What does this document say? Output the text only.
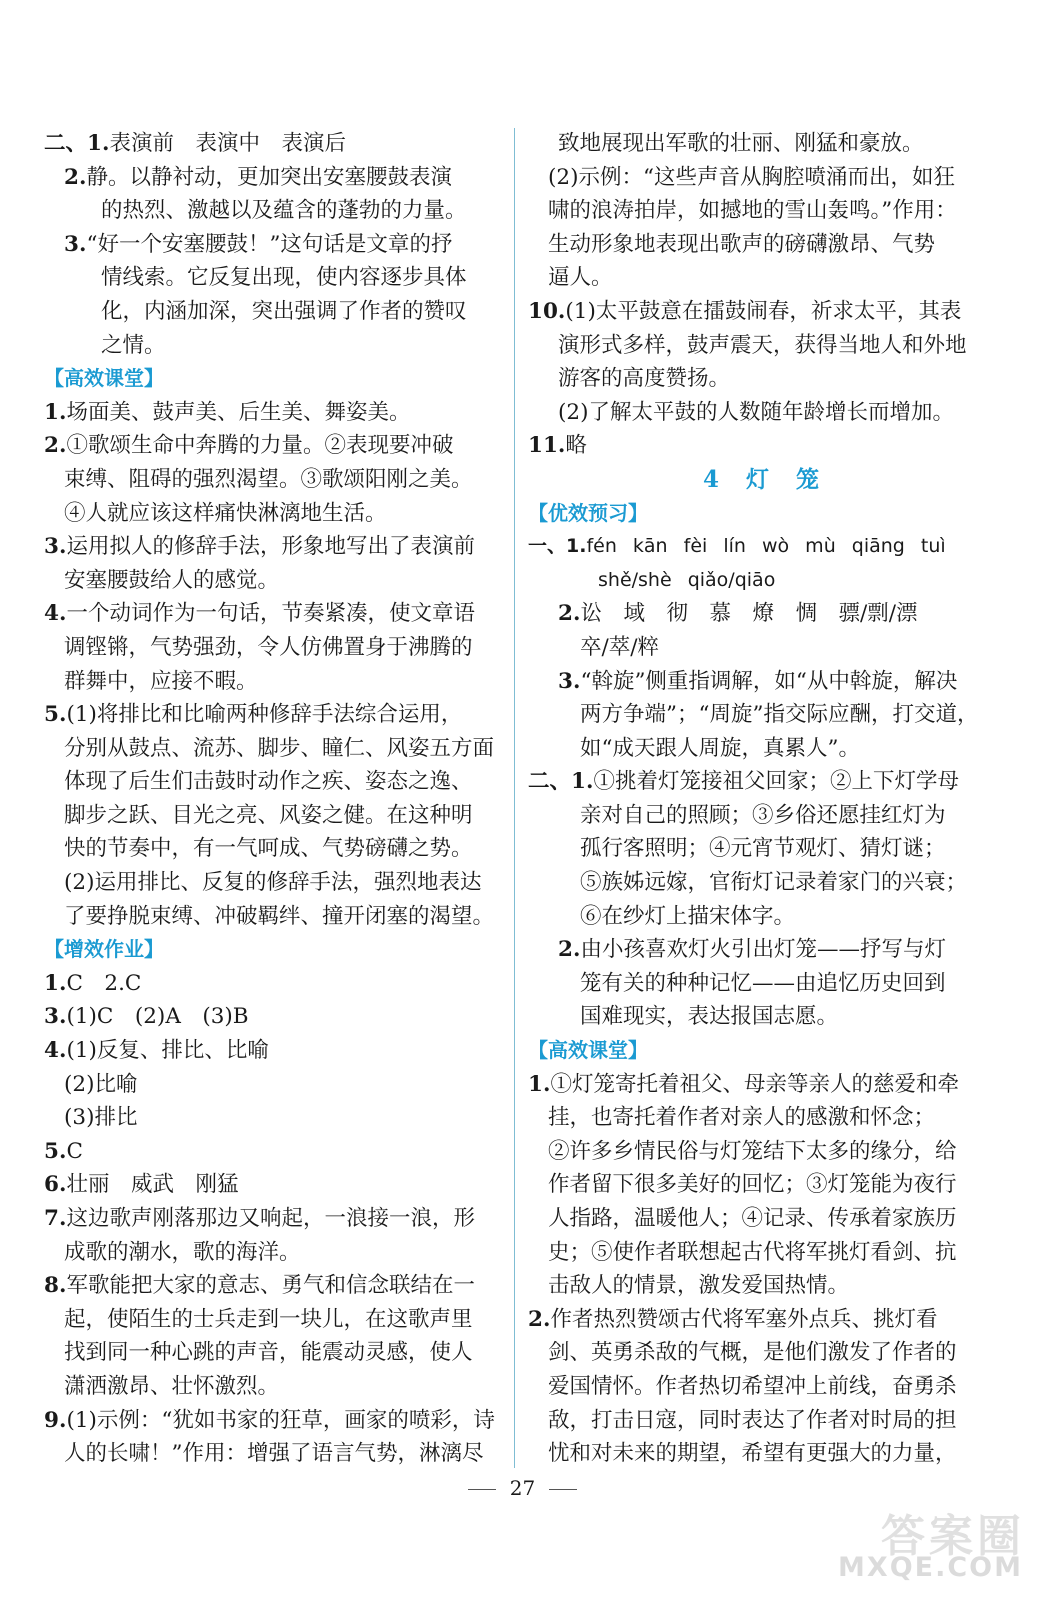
二、1.表演前　表演中　表演后
2.静。以静衬动，更加突出安塞腰鼓表演
的热烈、激越以及蕴含的蓬勃的力量。
3.“好一个安塞腰鼓！”这句话是文章的抒
情线索。它反复出现，使内容逐步具体
化，内涵加深，突出强调了作者的赞叹
之情。
【高效课堂】
1.场面美、鼓声美、后生美、舞姿美。
2.①歌颂生命中奔腾的力量。②表现要冲破
束缚、阻碍的强烈渴望。③歌颂阳刚之美。
④人就应该这样痛快淋漓地生活。
3.运用拟人的修辞手法，形象地写出了表演前
安塞腰鼓给人的感觉。
4.一个动词作为一句话，节奏紧凑，使文章语
调铿锵，气势强劲，令人仿佛置身于沸腾的
群舞中，应接不暇。
5.(1)将排比和比喻两种修辞手法综合运用，
分别从鼓点、流苏、脚步、瞳仁、风姿五方面
体现了后生们击鼓时动作之疾、姿态之逸、
脚步之跃、目光之亮、风姿之健。在这种明
快的节奏中，有一气呵成、气势磅礴之势。
(2)运用排比、反复的修辞手法，强烈地表达
了要挣脱束缚、冲破羁绊、撞开闭塞的渴望。
【增效作业】
1.C　2.C
3.(1)C　(2)A　(3)B
4.(1)反复、排比、比喻
(2)比喻
(3)排比
5.C
6.壮丽　威武　刚猛
7.这边歌声刚落那边又响起，一浪接一浪，形
成歌的潮水，歌的海洋。
8.军歌能把大家的意志、勇气和信念联结在一
起，使陌生的士兵走到一块儿，在这歌声里
找到同一种心跳的声音，能震动灵感，使人
潇洒激昂、壮怀激烈。
9.(1)示例：“犹如书家的狂草，画家的喷彩，诗
人的长啸！”作用：增强了语言气势，淋漓尽
致地展现出军歌的壮丽、刚猛和豪放。
(2)示例：“这些声音从胸腔喷涌而出，如狂
啸的浪涛拍岸，如撼地的雪山轰鸣。”作用：
生动形象地表现出歌声的磅礴激昂、气势
逼人。
10.(1)太平鼓意在擂鼓闹春，祈求太平，其表
演形式多样，鼓声震天，获得当地人和外地
游客的高度赞扬。
(2)了解太平鼓的人数随年龄增长而增加。
11.略
4　灯　笼
【优效预习】
一、1.fén kān fèi lín wò mù qiāng tuì
shě/shè qiǎo/qiāo
2.讼　域　彻　慕　燎　惆　骠/剽/漂
卒/萃/粹
3.“斡旋”侧重指调解，如“从中斡旋，解决
两方争端”；“周旋”指交际应酬，打交道，
如“成天跟人周旋，真累人”。
二、1.①挑着灯笼接祖父回家；②上下灯学母
亲对自己的照顾；③乡俗还愿挂红灯为
孤行客照明；④元宵节观灯、猜灯谜；
⑤族姊远嫁，官衔灯记录着家门的兴衰；
⑥在纱灯上描宋体字。
2.由小孩喜欢灯火引出灯笼——抒写与灯
笼有关的种种记忆——由追忆历史回到
国难现实，表达报国志愿。
【高效课堂】
1.①灯笼寄托着祖父、母亲等亲人的慈爱和牵
挂，也寄托着作者对亲人的感激和怀念；
②许多乡情民俗与灯笼结下太多的缘分，给
作者留下很多美好的回忆；③灯笼能为夜行
人指路，温暖他人；④记录、传承着家族历
史；⑤使作者联想起古代将军挑灯看剑、抗
击敌人的情景，激发爱国热情。
2.作者热烈赞颂古代将军塞外点兵、挑灯看
剑、英勇杀敌的气概，是他们激发了作者的
爱国情怀。作者热切希望冲上前线，奋勇杀
敌，打击日寇，同时表达了作者对时局的担
忧和对未来的期望，希望有更强大的力量，
27
答案圈
MXQE.COM
